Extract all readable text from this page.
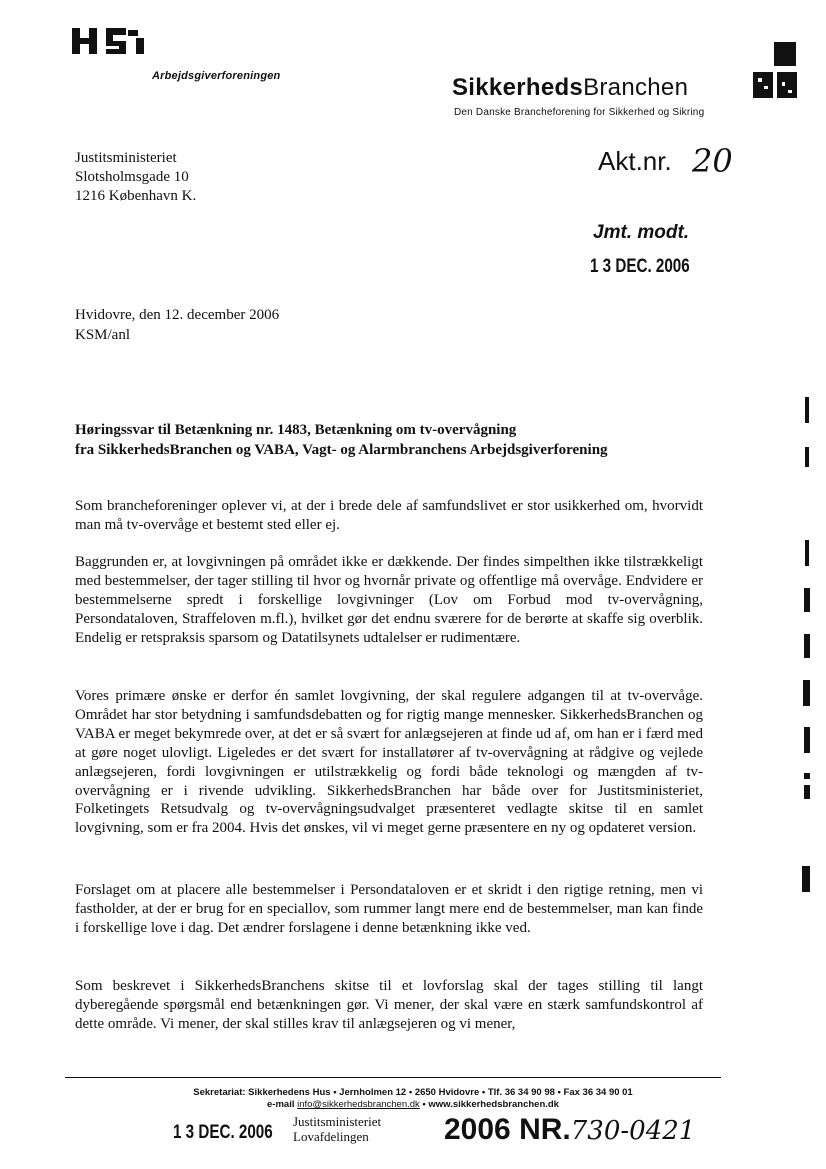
Arbejdsgiverforeningen	SikkerhedsBranchen
Den Danske Brancheforening for Sikkerhed og Sikring
Justitsministeriet
Slotsholmsgade 10
1216 København K.
Akt.nr. 20
Jmt. modt.
1 3 DEC. 2006
Hvidovre, den 12. december 2006
KSM/anl
Høringssvar til Betænkning nr. 1483, Betænkning om tv-overvågning
fra SikkerhedsBranchen og VABA, Vagt- og Alarmbranchens Arbejdsgiverforening
Som brancheforeninger oplever vi, at der i brede dele af samfundslivet er stor usikkerhed om, hvorvidt man må tv-overvåge et bestemt sted eller ej.
Baggrunden er, at lovgivningen på området ikke er dækkende. Der findes simpelthen ikke tilstrækkeligt med bestemmelser, der tager stilling til hvor og hvornår private og offentlige må overvåge. Endvidere er bestemmelserne spredt i forskellige lovgivninger (Lov om Forbud mod tv-overvågning, Persondataloven, Straffeloven m.fl.), hvilket gør det endnu sværere for de berørte at skaffe sig overblik. Endelig er retspraksis sparsom og Datatilsynets udtalelser er rudimentære.
Vores primære ønske er derfor én samlet lovgivning, der skal regulere adgangen til at tv-overvåge. Området har stor betydning i samfundsdebatten og for rigtig mange mennesker. SikkerhedsBranchen og VABA er meget bekymrede over, at det er så svært for anlægsejeren at finde ud af, om han er i færd med at gøre noget ulovligt. Ligeledes er det svært for installatører af tv-overvågning at rådgive og vejlede anlægsejeren, fordi lovgivningen er utilstrækkelig og fordi både teknologi og mængden af tv-overvågning er i rivende udvikling. SikkerhedsBranchen har både over for Justitsministeriet, Folketingets Retsudvalg og tv-overvågningsudvalget præsenteret vedlagte skitse til en samlet lovgivning, som er fra 2004. Hvis det ønskes, vil vi meget gerne præsentere en ny og opdateret version.
Forslaget om at placere alle bestemmelser i Persondataloven er et skridt i den rigtige retning, men vi fastholder, at der er brug for en speciallov, som rummer langt mere end de bestemmelser, man kan finde i forskellige love i dag. Det ændrer forslagene i denne betænkning ikke ved.
Som beskrevet i SikkerhedsBranchens skitse til et lovforslag skal der tages stilling til langt dyberegående spørgsmål end betænkningen gør. Vi mener, der skal være en stærk samfundskontrol af dette område. Vi mener, der skal stilles krav til anlægsejeren og vi mener,
Sekretariat: Sikkerhedens Hus • Jernholmen 12 • 2650 Hvidovre • Tlf. 36 34 90 98 • Fax 36 34 90 01
e-mail info@sikkerhedsbranchen.dk • www.sikkerhedsbranchen.dk
1 3 DEC. 2006
Justitsministeriet
Lovafdelingen	2006 NR.730-0421
